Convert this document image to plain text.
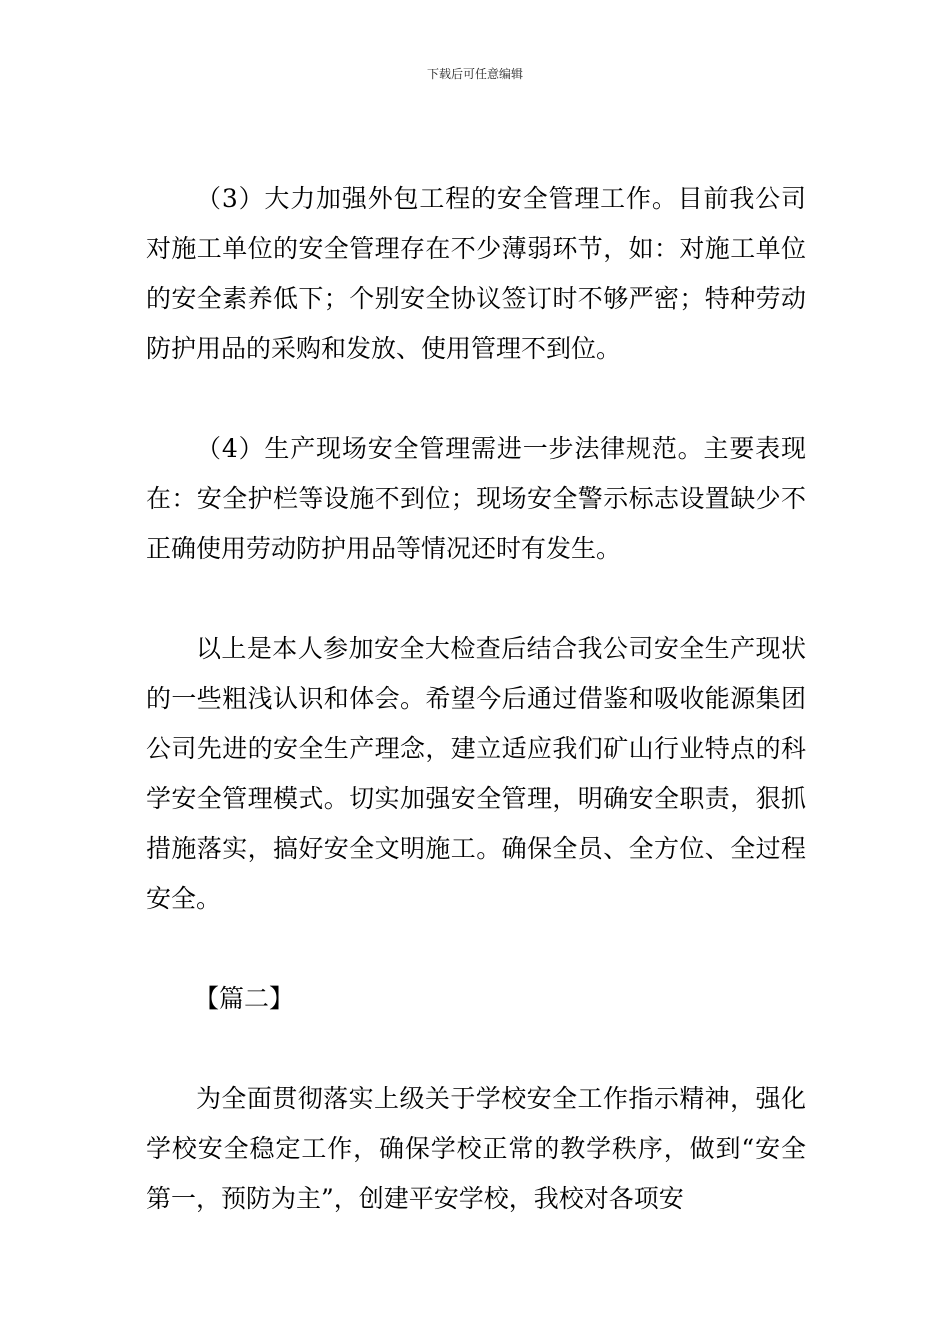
下载后可任意编辑

（3）大力加强外包工程的安全管理工作。目前我公司对施工单位的安全管理存在不少薄弱环节，如：对施工单位的安全素养低下；个别安全协议签订时不够严密；特种劳动防护用品的采购和发放、使用管理不到位。

（4）生产现场安全管理需进一步法律规范。主要表现在：安全护栏等设施不到位；现场安全警示标志设置缺少不正确使用劳动防护用品等情况还时有发生。

以上是本人参加安全大检查后结合我公司安全生产现状的一些粗浅认识和体会。希望今后通过借鉴和吸收能源集团公司先进的安全生产理念，建立适应我们矿山行业特点的科学安全管理模式。切实加强安全管理，明确安全职责，狠抓措施落实，搞好安全文明施工。确保全员、全方位、全过程安全。

【篇二】

为全面贯彻落实上级关于学校安全工作指示精神，强化学校安全稳定工作，确保学校正常的教学秩序，做到“安全第一，预防为主”，创建平安学校，我校对各项安
